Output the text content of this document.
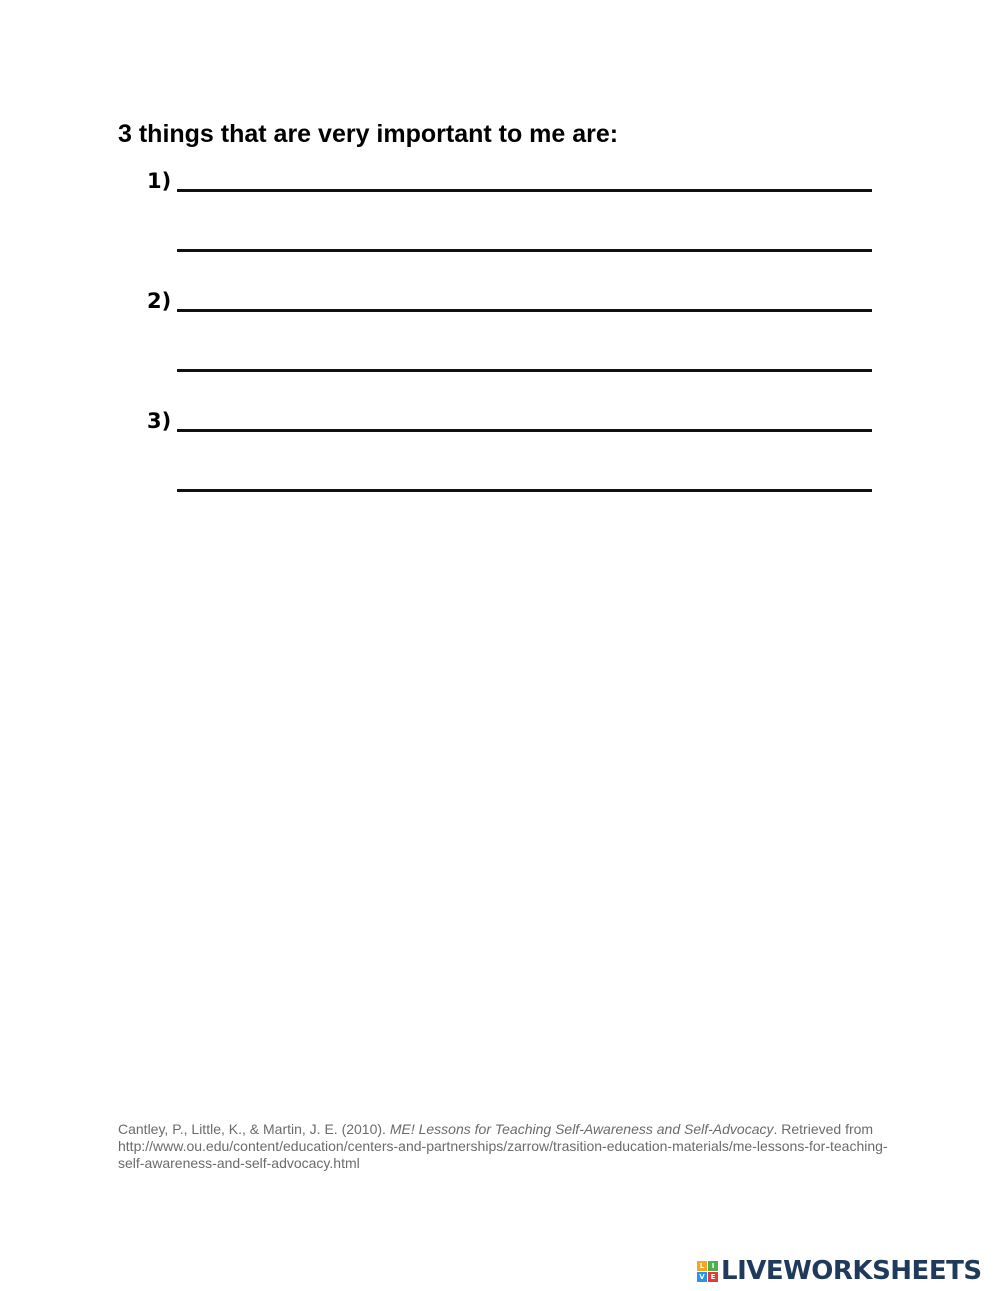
3 things that are very important to me are:
1)
2)
3)
Cantley, P., Little, K., & Martin, J. E. (2010). ME! Lessons for Teaching Self-Awareness and Self-Advocacy. Retrieved from http://www.ou.edu/content/education/centers-and-partnerships/zarrow/trasition-education-materials/me-lessons-for-teaching-self-awareness-and-self-advocacy.html
L	I
V E LIVEWORKSHEETS
